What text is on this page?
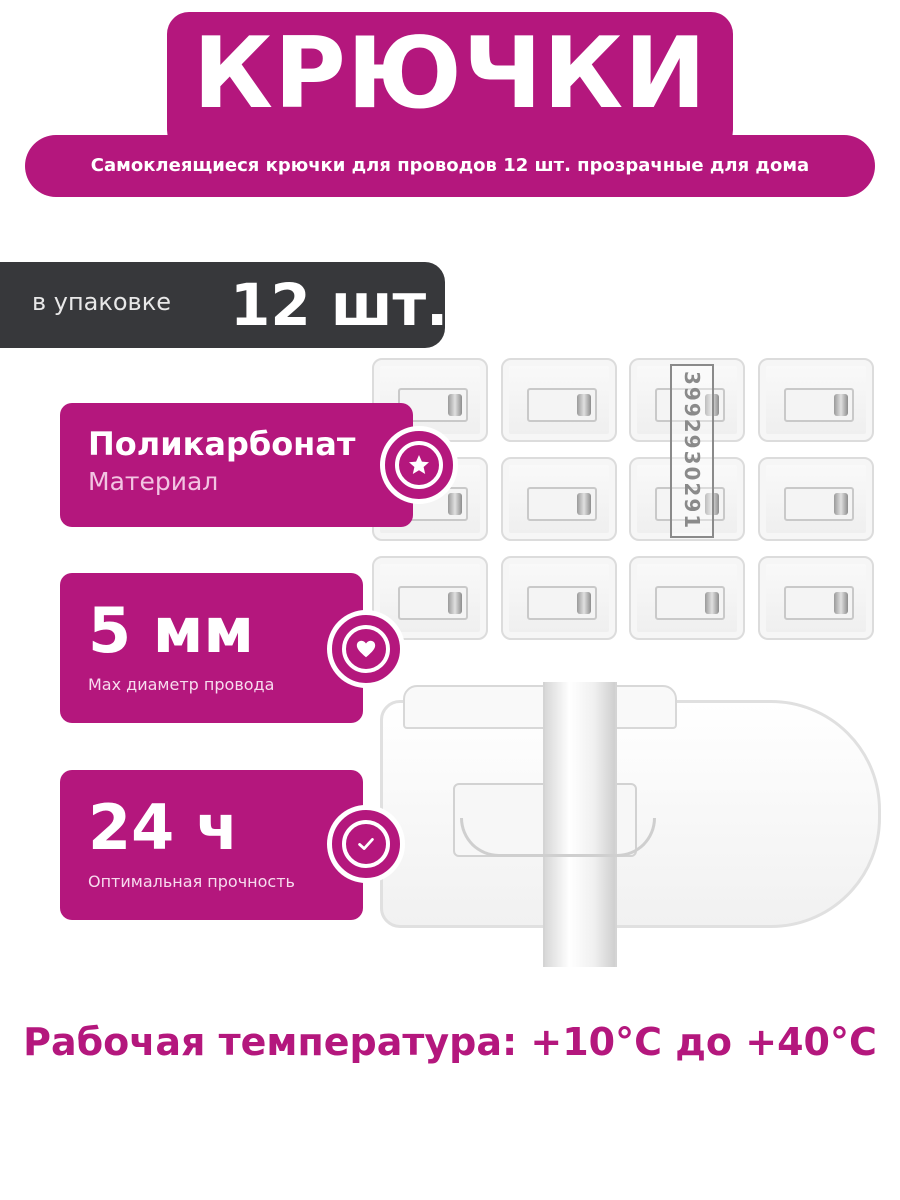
КРЮЧКИ
Самоклеящиеся крючки для проводов 12 шт. прозрачные для дома
в упаковке 12 шт.
3992930291
Поликарбонат
Материал
5 мм
Max диаметр провода
24 ч
Оптимальная прочность
Рабочая температура: +10°C до +40°C
